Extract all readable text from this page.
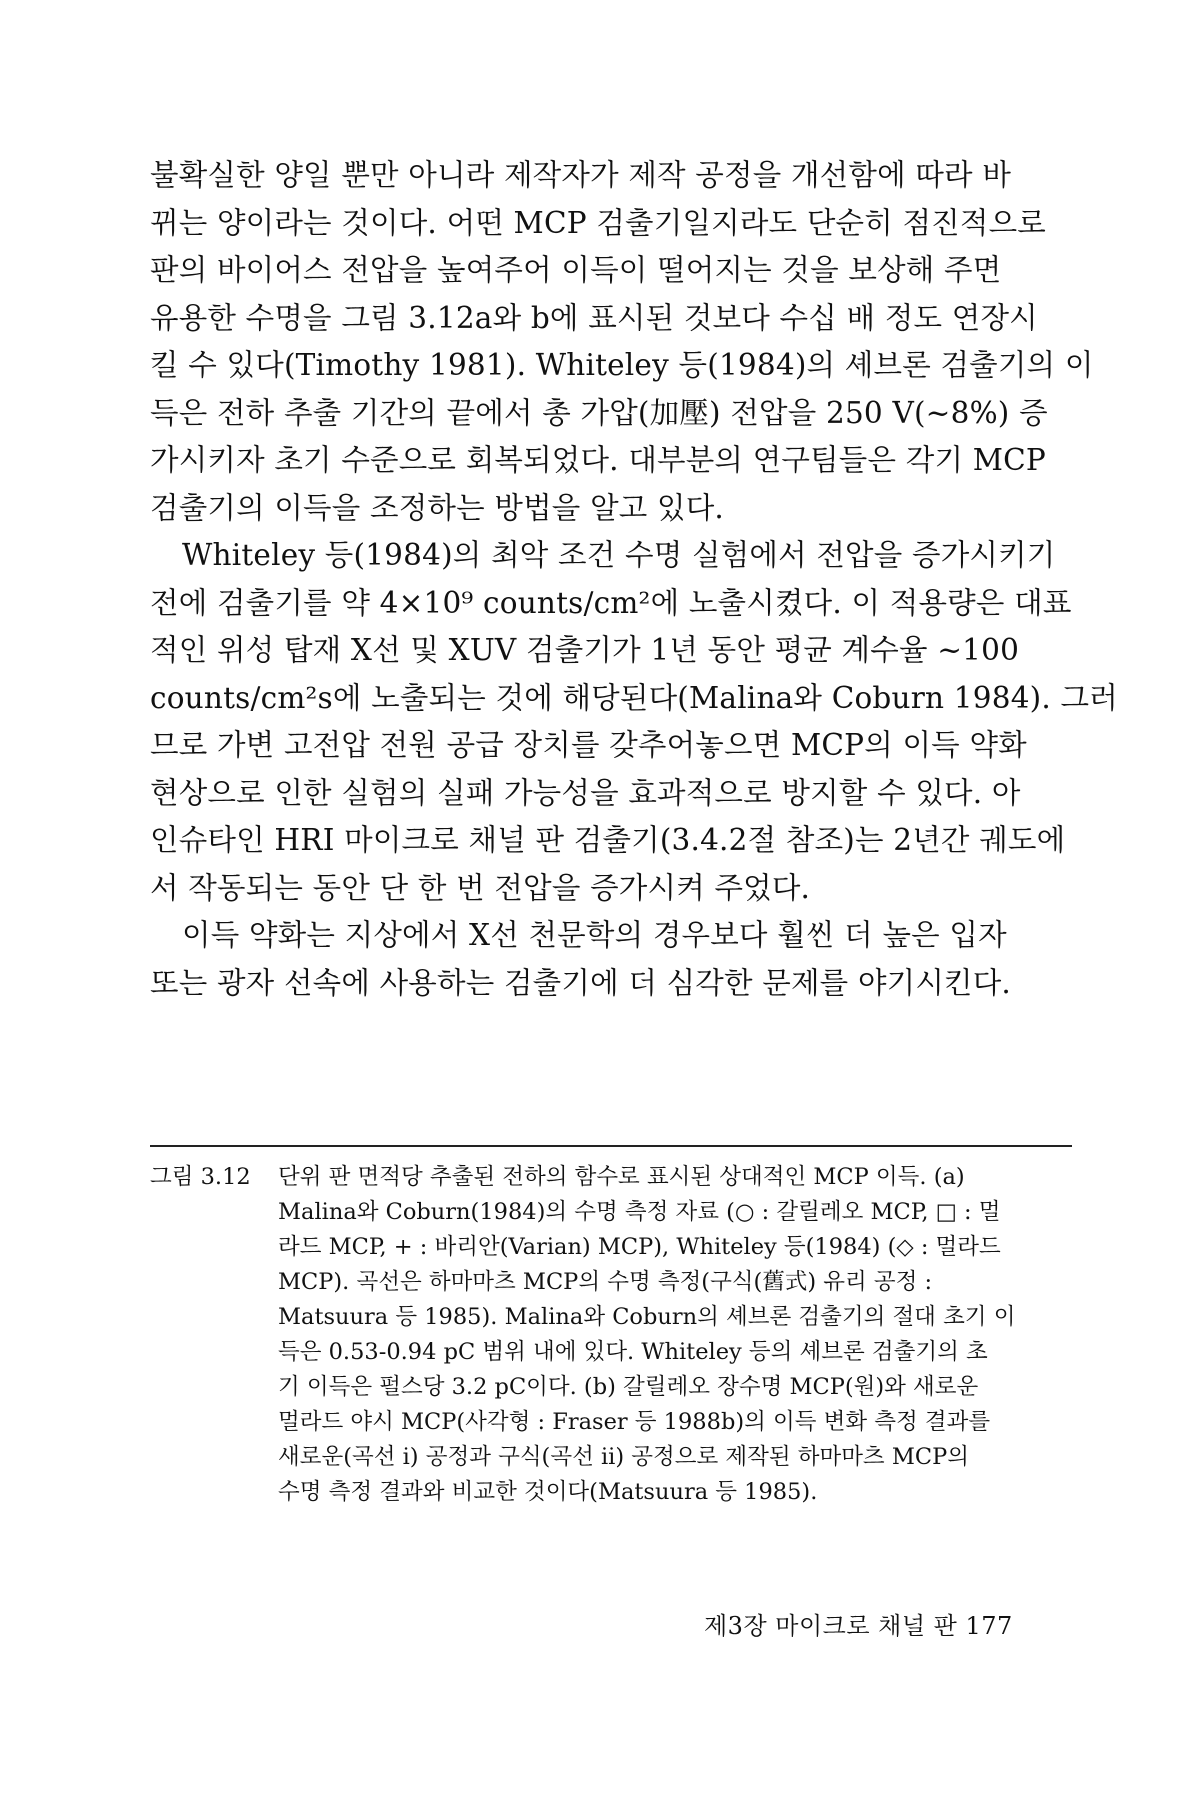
불확실한 양일 뿐만 아니라 제작자가 제작 공정을 개선함에 따라 바
뀌는 양이라는 것이다. 어떤 MCP 검출기일지라도 단순히 점진적으로
판의 바이어스 전압을 높여주어 이득이 떨어지는 것을 보상해 주면
유용한 수명을 그림 3.12a와 b에 표시된 것보다 수십 배 정도 연장시
킬 수 있다(Timothy 1981). Whiteley 등(1984)의 셰브론 검출기의 이
득은 전하 추출 기간의 끝에서 총 가압(加壓) 전압을 250 V(~8%) 증
가시키자 초기 수준으로 회복되었다. 대부분의 연구팀들은 각기 MCP
검출기의 이득을 조정하는 방법을 알고 있다.
Whiteley 등(1984)의 최악 조건 수명 실험에서 전압을 증가시키기
전에 검출기를 약 4×10⁹ counts/cm²에 노출시켰다. 이 적용량은 대표
적인 위성 탑재 X선 및 XUV 검출기가 1년 동안 평균 계수율 ~100
counts/cm²s에 노출되는 것에 해당된다(Malina와 Coburn 1984). 그러
므로 가변 고전압 전원 공급 장치를 갖추어놓으면 MCP의 이득 약화
현상으로 인한 실험의 실패 가능성을 효과적으로 방지할 수 있다. 아
인슈타인 HRI 마이크로 채널 판 검출기(3.4.2절 참조)는 2년간 궤도에
서 작동되는 동안 단 한 번 전압을 증가시켜 주었다.
이득 약화는 지상에서 X선 천문학의 경우보다 훨씬 더 높은 입자
또는 광자 선속에 사용하는 검출기에 더 심각한 문제를 야기시킨다.
그림 3.12 단위 판 면적당 추출된 전하의 함수로 표시된 상대적인 MCP 이득. (a)
Malina와 Coburn(1984)의 수명 측정 자료 (○ : 갈릴레오 MCP, □ : 멀
라드 MCP, + : 바리안(Varian) MCP), Whiteley 등(1984) (◇ : 멀라드
MCP). 곡선은 하마마츠 MCP의 수명 측정(구식(舊式) 유리 공정 :
Matsuura 등 1985). Malina와 Coburn의 셰브론 검출기의 절대 초기 이
득은 0.53-0.94 pC 범위 내에 있다. Whiteley 등의 셰브론 검출기의 초
기 이득은 펄스당 3.2 pC이다. (b) 갈릴레오 장수명 MCP(원)와 새로운
멀라드 야시 MCP(사각형 : Fraser 등 1988b)의 이득 변화 측정 결과를
새로운(곡선 i) 공정과 구식(곡선 ii) 공정으로 제작된 하마마츠 MCP의
수명 측정 결과와 비교한 것이다(Matsuura 등 1985).
제3장 마이크로 채널 판 177
